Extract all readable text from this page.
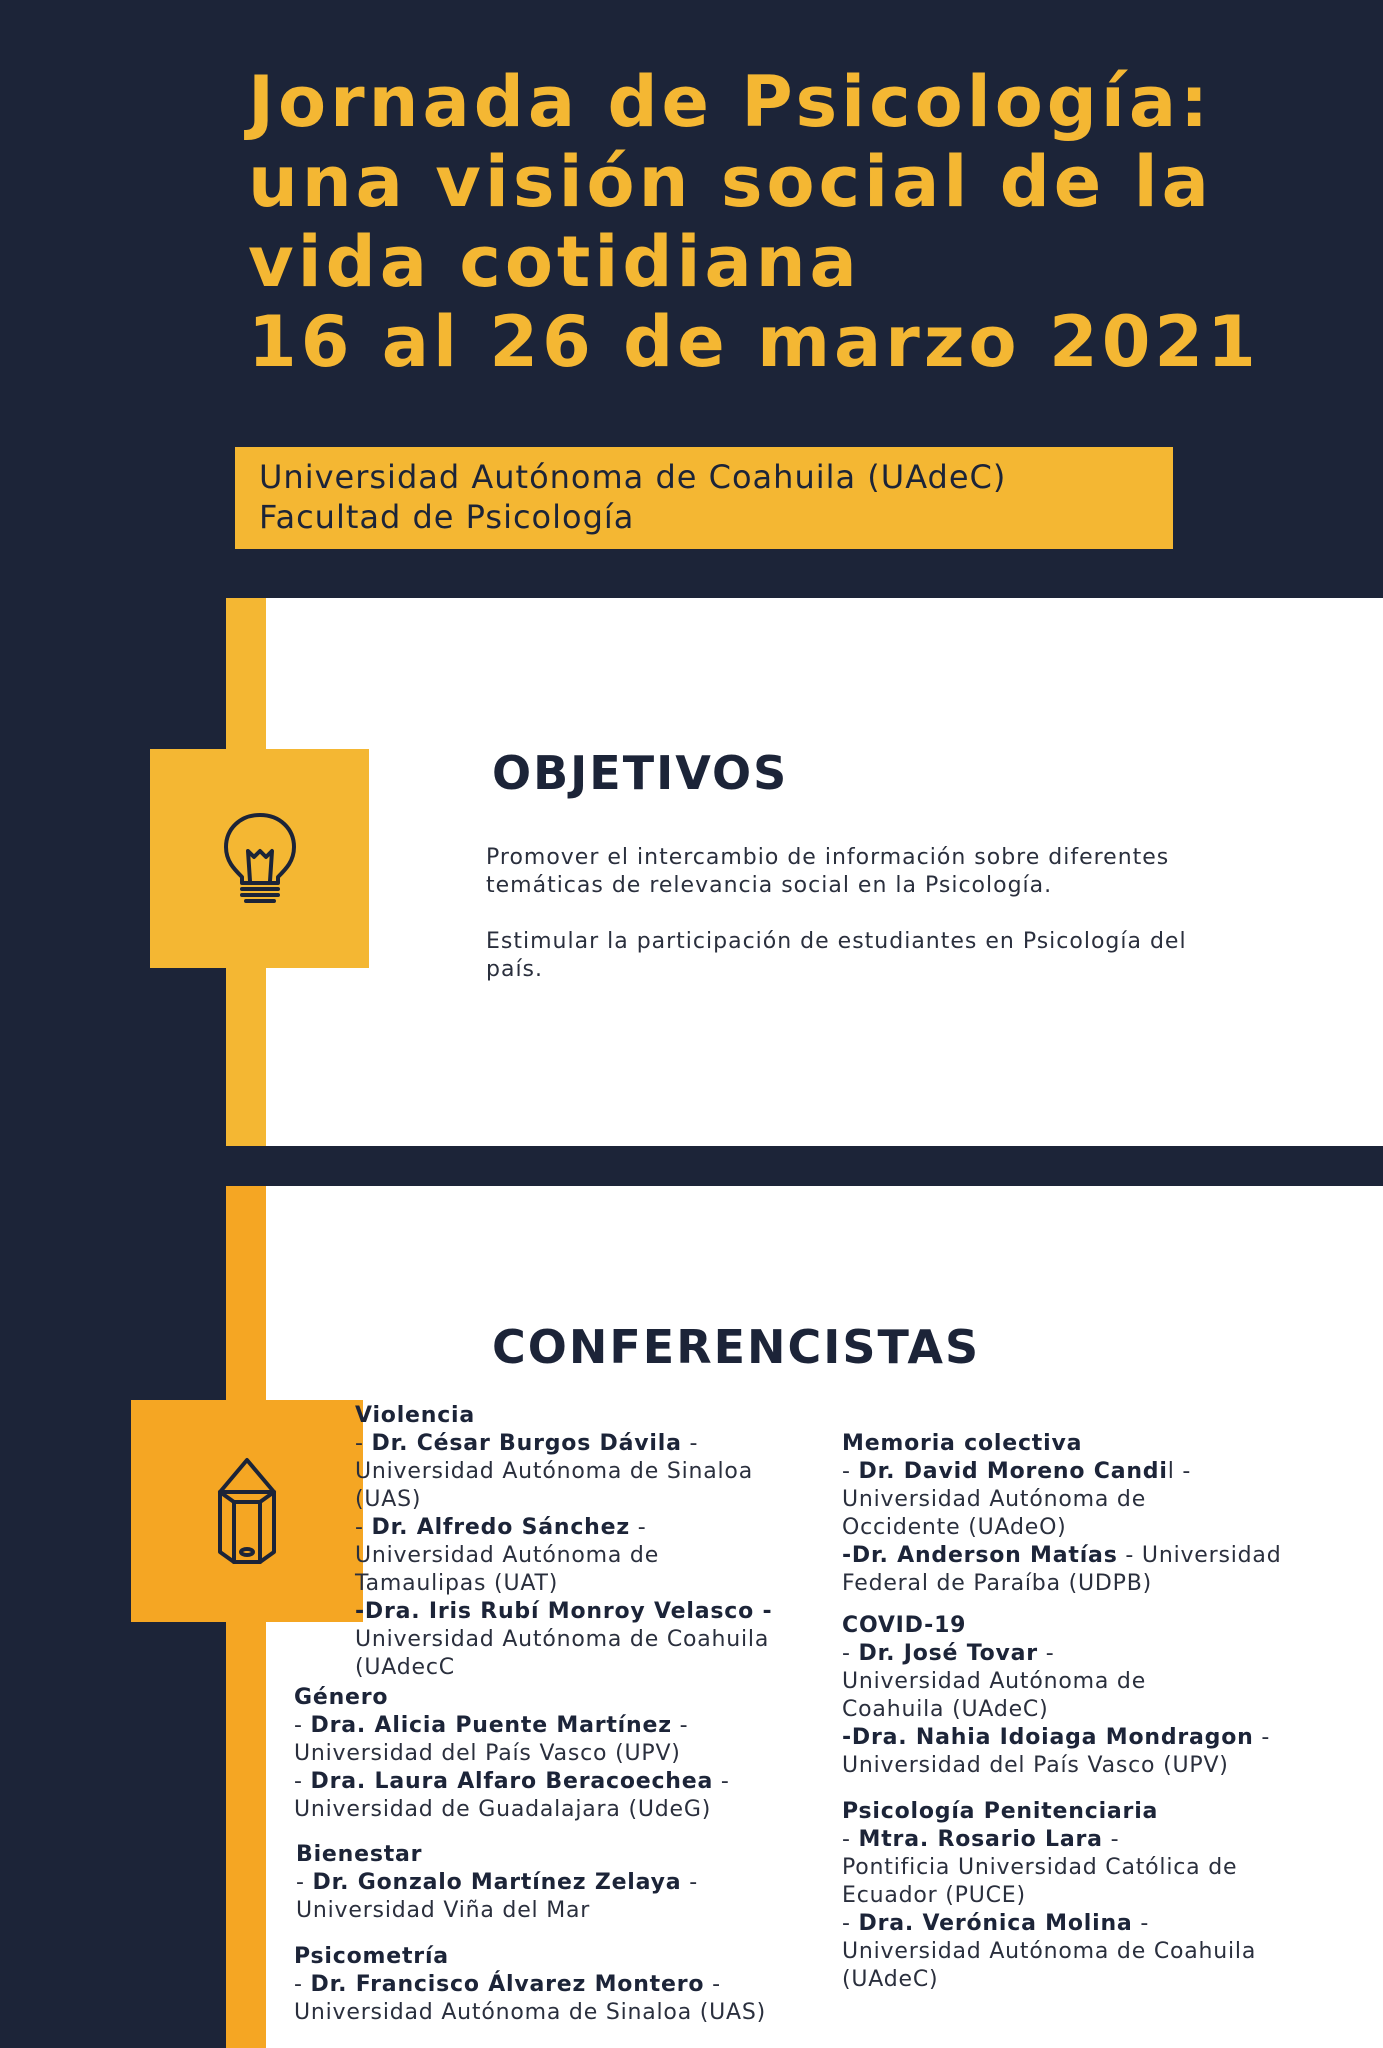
Jornada de Psicología:
una visión social de la
vida cotidiana
16 al 26 de marzo 2021
Universidad Autónoma de Coahuila (UAdeC)
Facultad de Psicología
OBJETIVOS

Promover el intercambio de información sobre diferentes
temáticas de relevancia social en la Psicología.

Estimular la participación de estudiantes en Psicología del
país.

CONFERENCISTAS
Violencia
- Dr. César Burgos Dávila -
Universidad Autónoma de Sinaloa
(UAS)
- Dr. Alfredo Sánchez -
Universidad Autónoma de
Tamaulipas (UAT)
-Dra. Iris Rubí Monroy Velasco -
Universidad Autónoma de Coahuila
(UAdecC
Género
- Dra. Alicia Puente Martínez -
Universidad del País Vasco (UPV)
- Dra. Laura Alfaro Beracoechea -
Universidad de Guadalajara (UdeG)
Bienestar
- Dr. Gonzalo Martínez Zelaya -
Universidad Viña del Mar
Psicometría
- Dr. Francisco Álvarez Montero -
Universidad Autónoma de Sinaloa (UAS)
Memoria colectiva
- Dr. David Moreno Candil -
Universidad Autónoma de
Occidente (UAdeO)
-Dr. Anderson Matías - Universidad
Federal de Paraíba (UDPB)
COVID-19
- Dr. José Tovar -
Universidad Autónoma de
Coahuila (UAdeC)
-Dra. Nahia Idoiaga Mondragon -
Universidad del País Vasco (UPV)
Psicología Penitenciaria
- Mtra. Rosario Lara -
Pontificia Universidad Católica de
Ecuador (PUCE)
- Dra. Verónica Molina -
Universidad Autónoma de Coahuila
(UAdeC)
